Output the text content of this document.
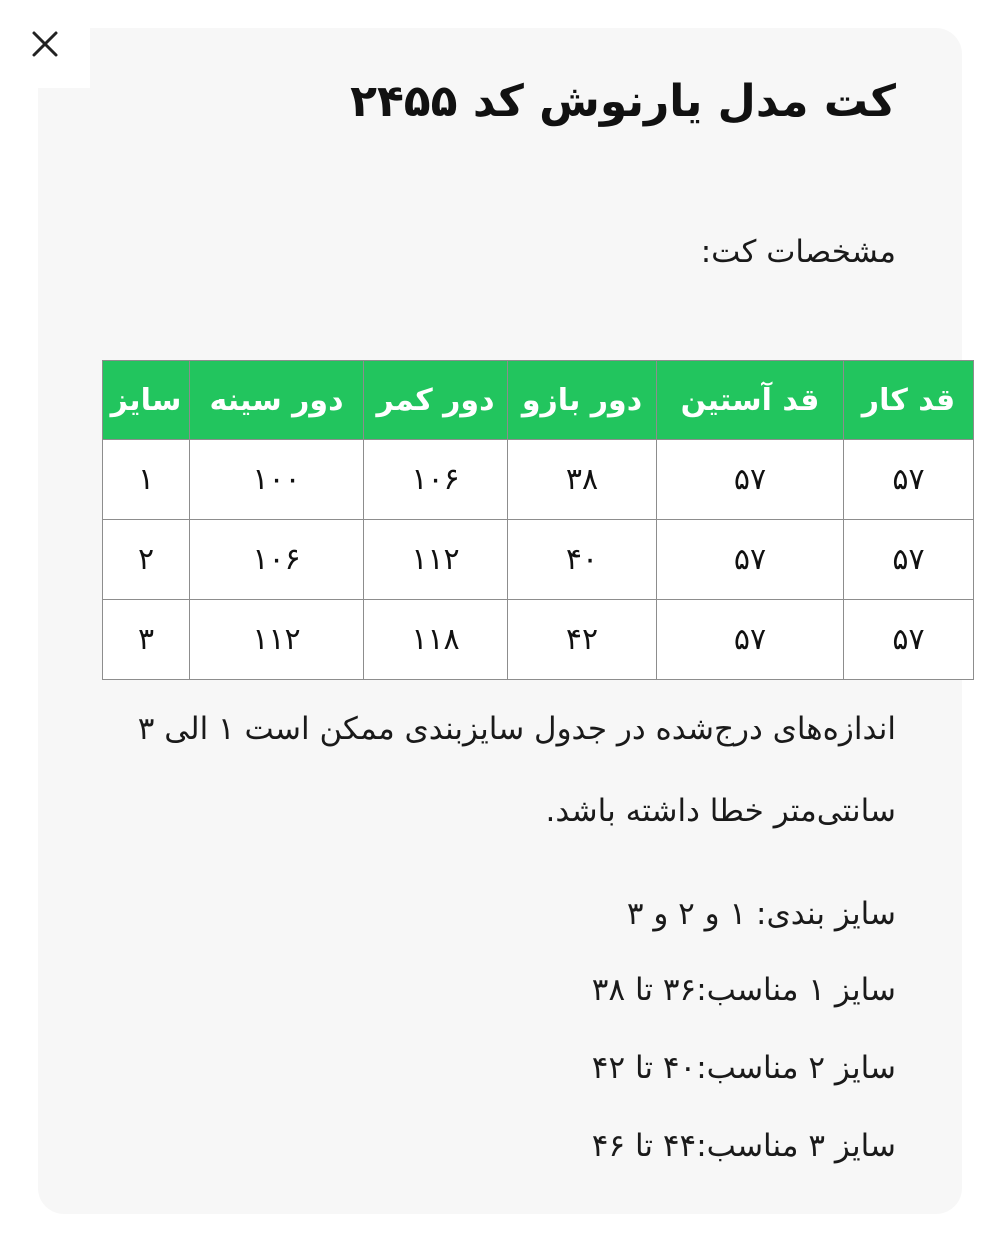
کت مدل یارنوش کد ۲۴۵۵
مشخصات کت:
قد کار	قد آستین	دور بازو	دور کمر	دور سینه	سایز
۵۷	۵۷	۳۸	۱۰۶	۱۰۰	۱
۵۷	۵۷	۴۰	۱۱۲	۱۰۶	۲
۵۷	۵۷	۴۲	۱۱۸	۱۱۲	۳
اندازه‌های درج‌شده در جدول سایزبندی ممکن است ۱ الی ۳ سانتی‌متر خطا داشته باشد.
سایز بندی: ۱ و ۲ و ۳
سایز ۱ مناسب:۳۶ تا ۳۸
سایز ۲ مناسب:۴۰ تا ۴۲
سایز ۳ مناسب:۴۴ تا ۴۶
